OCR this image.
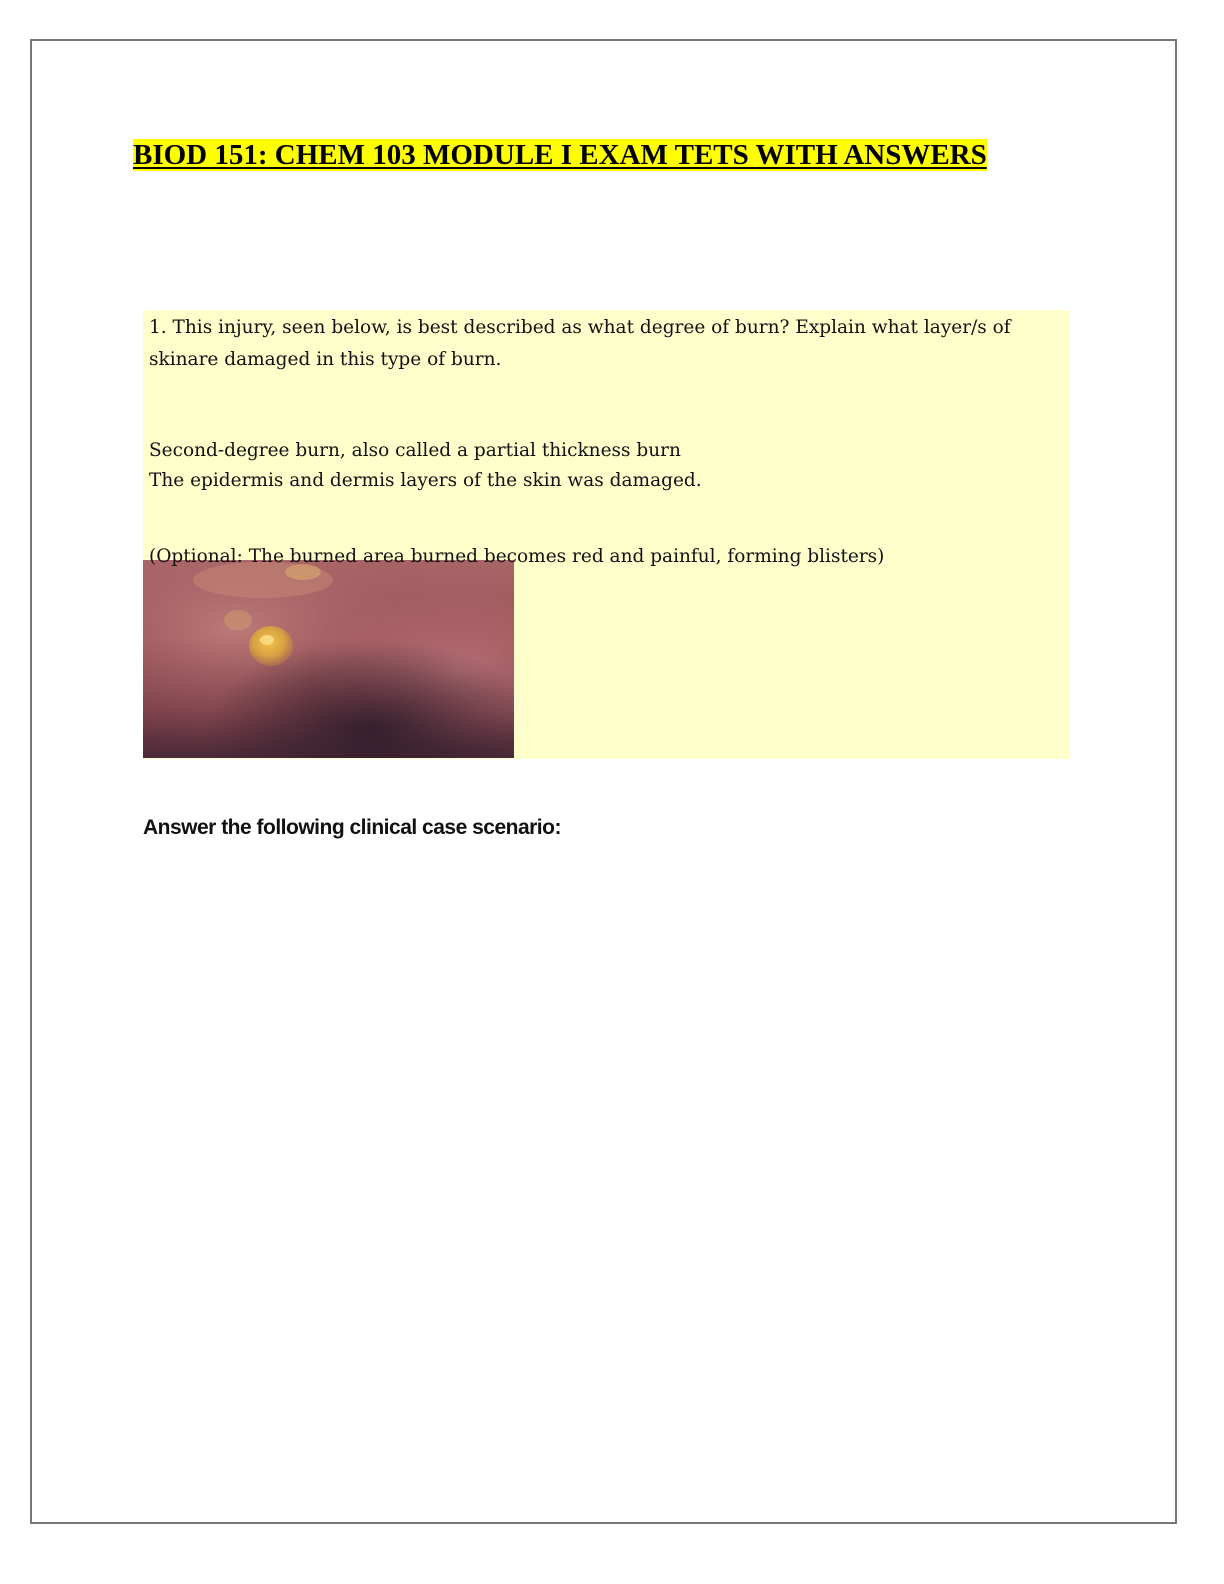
BIOD 151: CHEM 103 MODULE I EXAM TETS WITH ANSWERS
1. This injury, seen below, is best described as what degree of burn? Explain what layer/s of skinare damaged in this type of burn.
Second-degree burn, also called a partial thickness burn The epidermis and dermis layers of the skin was damaged.
(Optional: The burned area burned becomes red and painful, forming blisters)
Answer the following clinical case scenario:
